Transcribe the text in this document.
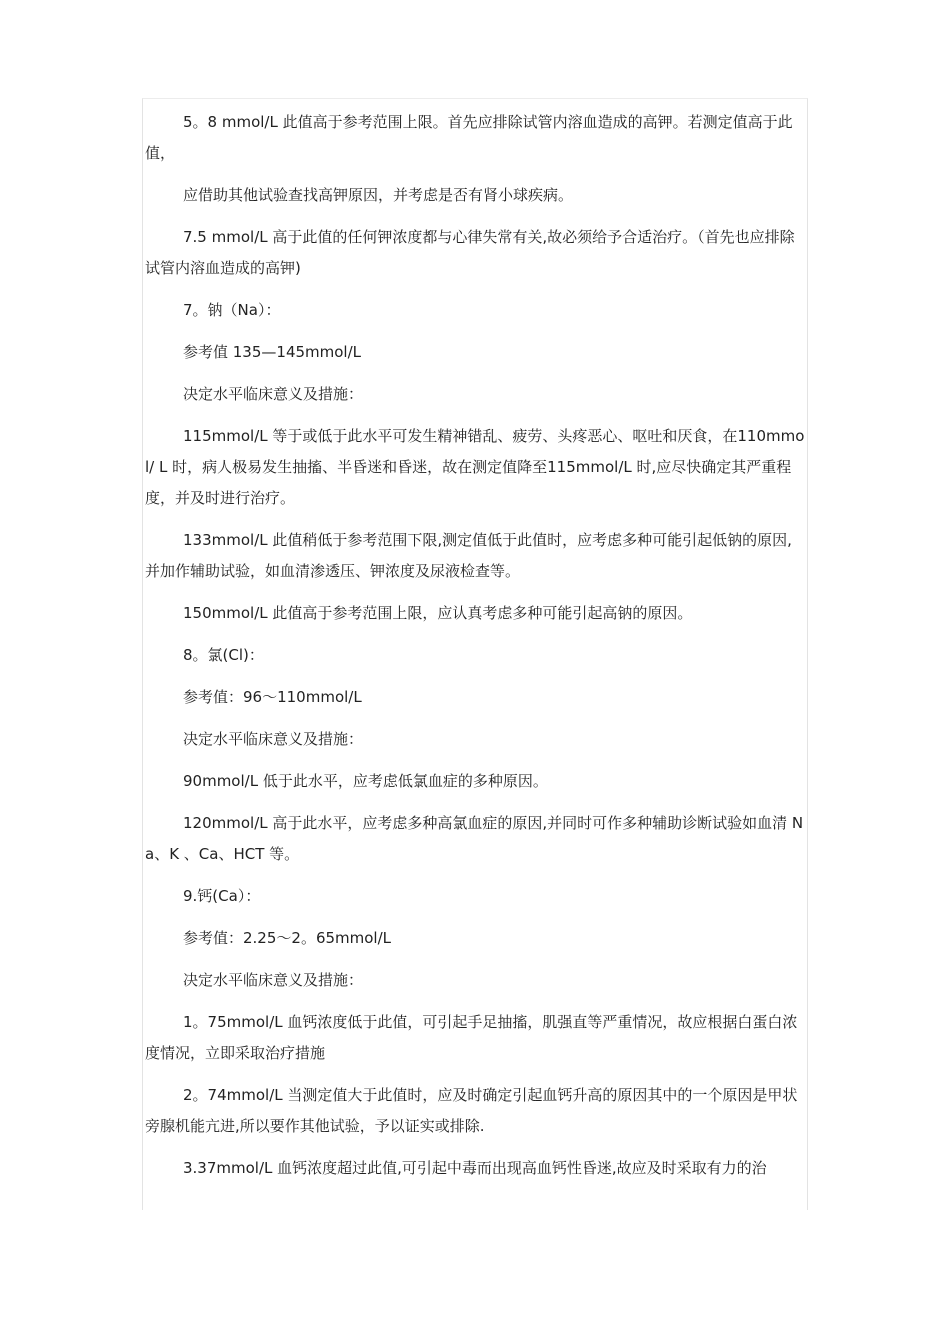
5。8 mmol/L 此值高于参考范围上限。首先应排除试管内溶血造成的高钾。若测定值高于此值，

应借助其他试验查找高钾原因，并考虑是否有肾小球疾病。

7.5 mmol/L 高于此值的任何钾浓度都与心律失常有关,故必须给予合适治疗。（首先也应排除试管内溶血造成的高钾)

7。钠（Na）：

参考值 135—145mmol/L

决定水平临床意义及措施：

115mmol/L 等于或低于此水平可发生精神错乱、疲劳、头疼恶心、呕吐和厌食，在110mmol/ L 时，病人极易发生抽搐、半昏迷和昏迷，故在测定值降至115mmol/L 时,应尽快确定其严重程度，并及时进行治疗。

133mmol/L 此值稍低于参考范围下限,测定值低于此值时，应考虑多种可能引起低钠的原因,并加作辅助试验，如血清渗透压、钾浓度及尿液检查等。

150mmol/L 此值高于参考范围上限，应认真考虑多种可能引起高钠的原因。

8。氯(Cl)：

参考值：96～110mmol/L

决定水平临床意义及措施：

90mmol/L 低于此水平，应考虑低氯血症的多种原因。

120mmol/L 高于此水平，应考虑多种高氯血症的原因,并同时可作多种辅助诊断试验如血清 Na、K 、Ca、HCT 等。

9.钙(Ca）：

参考值：2.25～2。65mmol/L

决定水平临床意义及措施：

1。75mmol/L 血钙浓度低于此值，可引起手足抽搐，肌强直等严重情况，故应根据白蛋白浓度情况，立即采取治疗措施

2。74mmol/L 当测定值大于此值时，应及时确定引起血钙升高的原因其中的一个原因是甲状旁腺机能亢进,所以要作其他试验，予以证实或排除.

3.37mmol/L 血钙浓度超过此值,可引起中毒而出现高血钙性昏迷,故应及时采取有力的治
